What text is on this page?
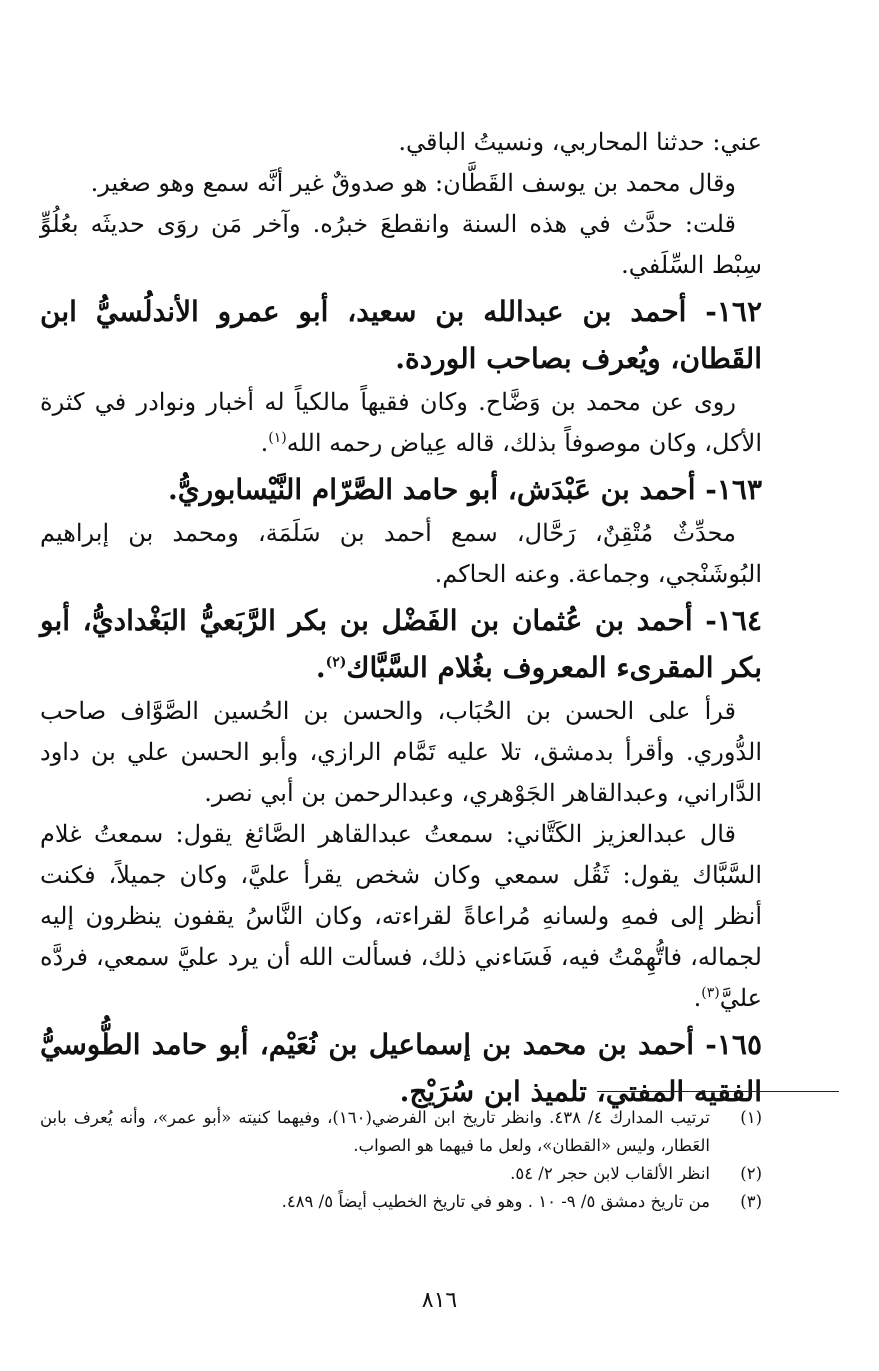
عني: حدثنا المحاربي، ونسيتُ الباقي.

وقال محمد بن يوسف القَطَّان: هو صدوقٌ غير أنَّه سمع وهو صغير.

قلت: حدَّث في هذه السنة وانقطعَ خبرُه. وآخر مَن روَى حديثَه بعُلُوٍّ سِبْط السِّلَفي.

١٦٢- أحمد بن عبدالله بن سعيد، أبو عمرو الأندلُسيُّ ابن القَطان، ويُعرف بصاحب الوردة.

روى عن محمد بن وَضَّاح. وكان فقيهاً مالكياً له أخبار ونوادر في كثرة الأكل، وكان موصوفاً بذلك، قاله عِياض رحمه الله$^{(١)}$.

١٦٣- أحمد بن عَبْدَش، أبو حامد الصَّرّام النَّيْسابوريُّ.

محدِّثٌ مُتْقِنٌ، رَحَّال، سمع أحمد بن سَلَمَة، ومحمد بن إبراهيم البُوشَنْجي، وجماعة. وعنه الحاكم.

١٦٤- أحمد بن عُثمان بن الفَضْل بن بكر الرَّبَعيُّ البَغْداديُّ، أبو بكر المقرىء المعروف بغُلام السَّبَّاك$^{(٢)}$.

قرأ على الحسن بن الحُبَاب، والحسن بن الحُسين الصَّوَّاف صاحب الدُّوري. وأقرأ بدمشق، تلا عليه تَمَّام الرازي، وأبو الحسن علي بن داود الدَّاراني، وعبدالقاهر الجَوْهري، وعبدالرحمن بن أبي نصر.

قال عبدالعزيز الكَتَّاني: سمعتُ عبدالقاهر الصَّائغ يقول: سمعتُ غلام السَّبَّاك يقول: ثَقُل سمعي وكان شخص يقرأ عليَّ، وكان جميلاً، فكنت أنظر إلى فمهِ ولسانهِ مُراعاةً لقراءته، وكان النَّاسُ يقفون ينظرون إليه لجماله، فاتُّهِمْتُ فيه، فَسَاءني ذلك، فسألت الله أن يرد عليَّ سمعي، فردَّه عليَّ$^{(٣)}$.

١٦٥- أحمد بن محمد بن إسماعيل بن نُعَيْم، أبو حامد الطُّوسيُّ الفقيه المفتي، تلميذ ابن سُرَيْج.

(١)
ترتيب المدارك ٤/ ٤٣٨. وانظر تاريخ ابن الفرضي(١٦٠)، وفيهما كنيته «أبو عمر»، وأنه يُعرف بابن العَطار، وليس «القطان»، ولعل ما فيهما هو الصواب.

(٢)
انظر الألقاب لابن حجر ٢/ ٥٤.

(٣)
من تاريخ دمشق ٥/ ٩- ١٠ . وهو في تاريخ الخطيب أيضاً ٥/ ٤٨٩.

٨١٦
